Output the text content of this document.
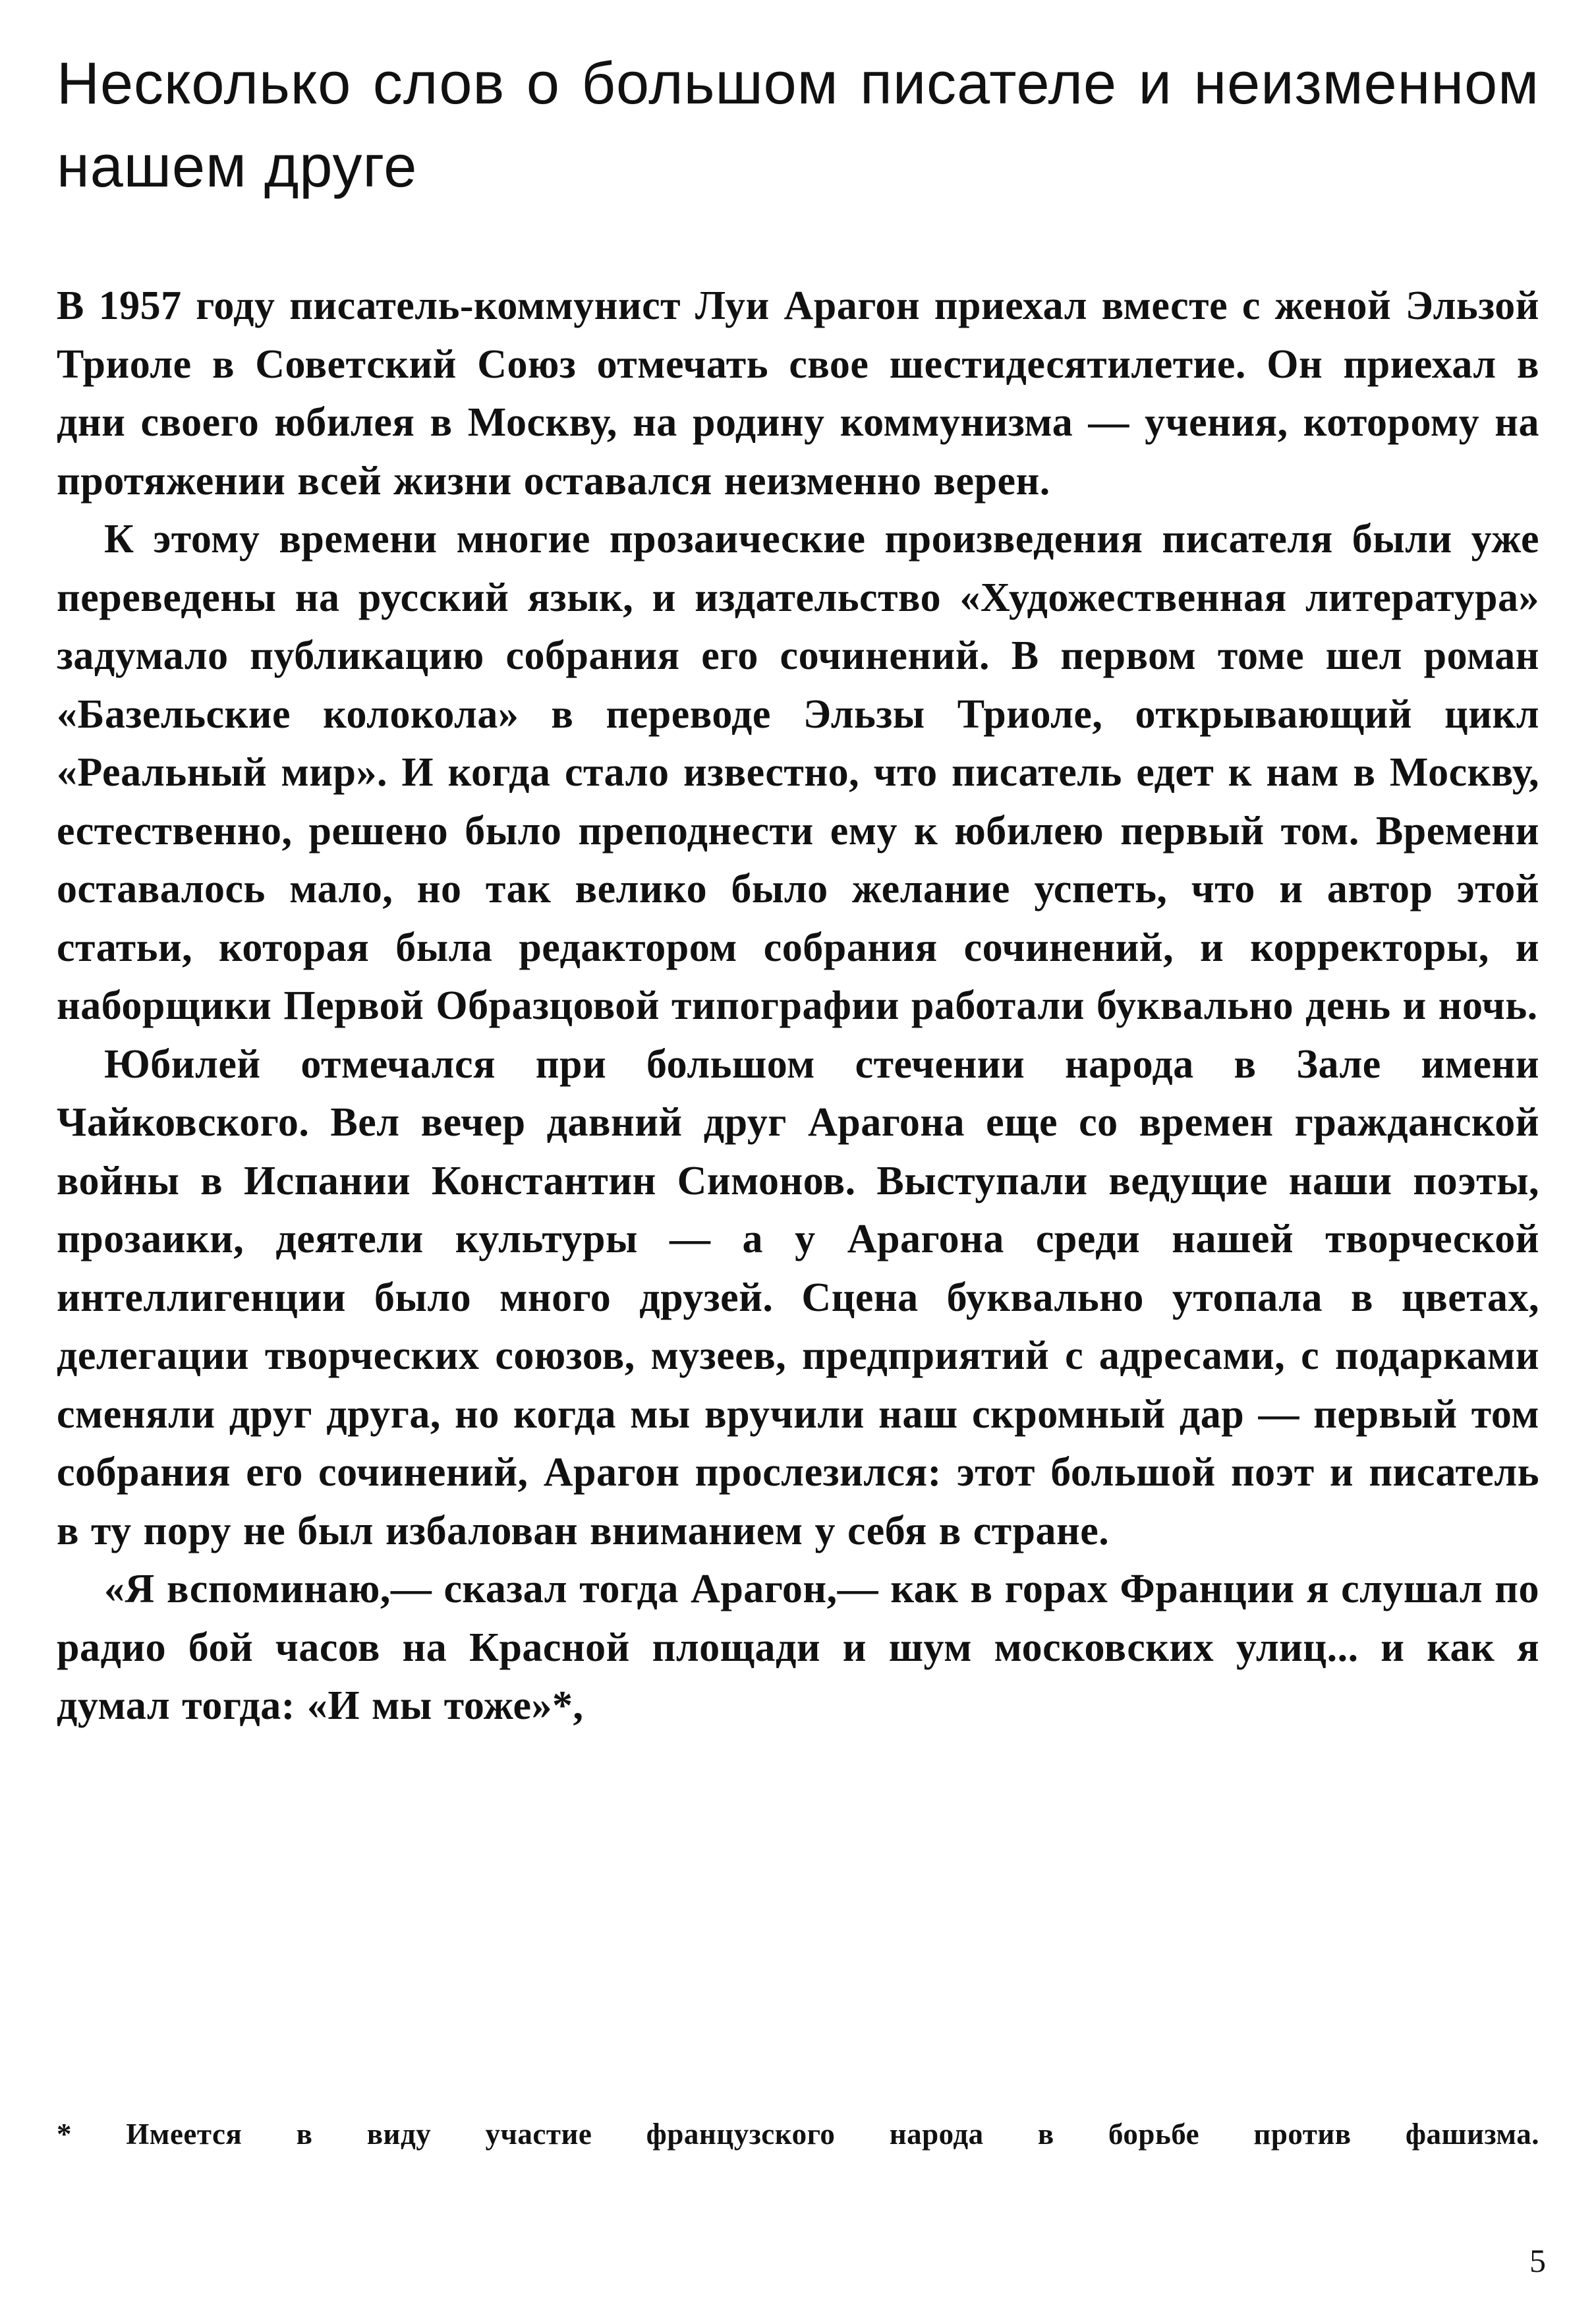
Несколько слов о большом писателе и неизменном нашем друге

В 1957 году писатель-коммунист Луи Арагон приехал вместе с женой Эльзой Триоле в Советский Союз отмечать свое шестидесятилетие. Он приехал в дни своего юбилея в Москву, на родину коммунизма — учения, которому на протяжении всей жизни оставался неизменно верен.

К этому времени многие прозаические произведения писателя были уже переведены на русский язык, и издательство «Художественная литература» задумало публикацию собрания его сочинений. В первом томе шел роман «Базельские колокола» в переводе Эльзы Триоле, открывающий цикл «Реальный мир». И когда стало известно, что писатель едет к нам в Москву, естественно, решено было преподнести ему к юбилею первый том. Времени оставалось мало, но так велико было желание успеть, что и автор этой статьи, которая была редактором собрания сочинений, и корректоры, и наборщики Первой Образцовой типографии работали буквально день и ночь.

Юбилей отмечался при большом стечении народа в Зале имени Чайковского. Вел вечер давний друг Арагона еще со времен гражданской войны в Испании Константин Симонов. Выступали ведущие наши поэты, прозаики, деятели культуры — а у Арагона среди нашей творческой интеллигенции было много друзей. Сцена буквально утопала в цветах, делегации творческих союзов, музеев, предприятий с адресами, с подарками сменяли друг друга, но когда мы вручили наш скромный дар — первый том собрания его сочинений, Арагон прослезился: этот большой поэт и писатель в ту пору не был избалован вниманием у себя в стране.

«Я вспоминаю,— сказал тогда Арагон,— как в горах Франции я слушал по радио бой часов на Красной площади и шум московских улиц... и как я думал тогда: «И мы тоже»*,

* Имеется в виду участие французского народа в борьбе против фашизма.

5
